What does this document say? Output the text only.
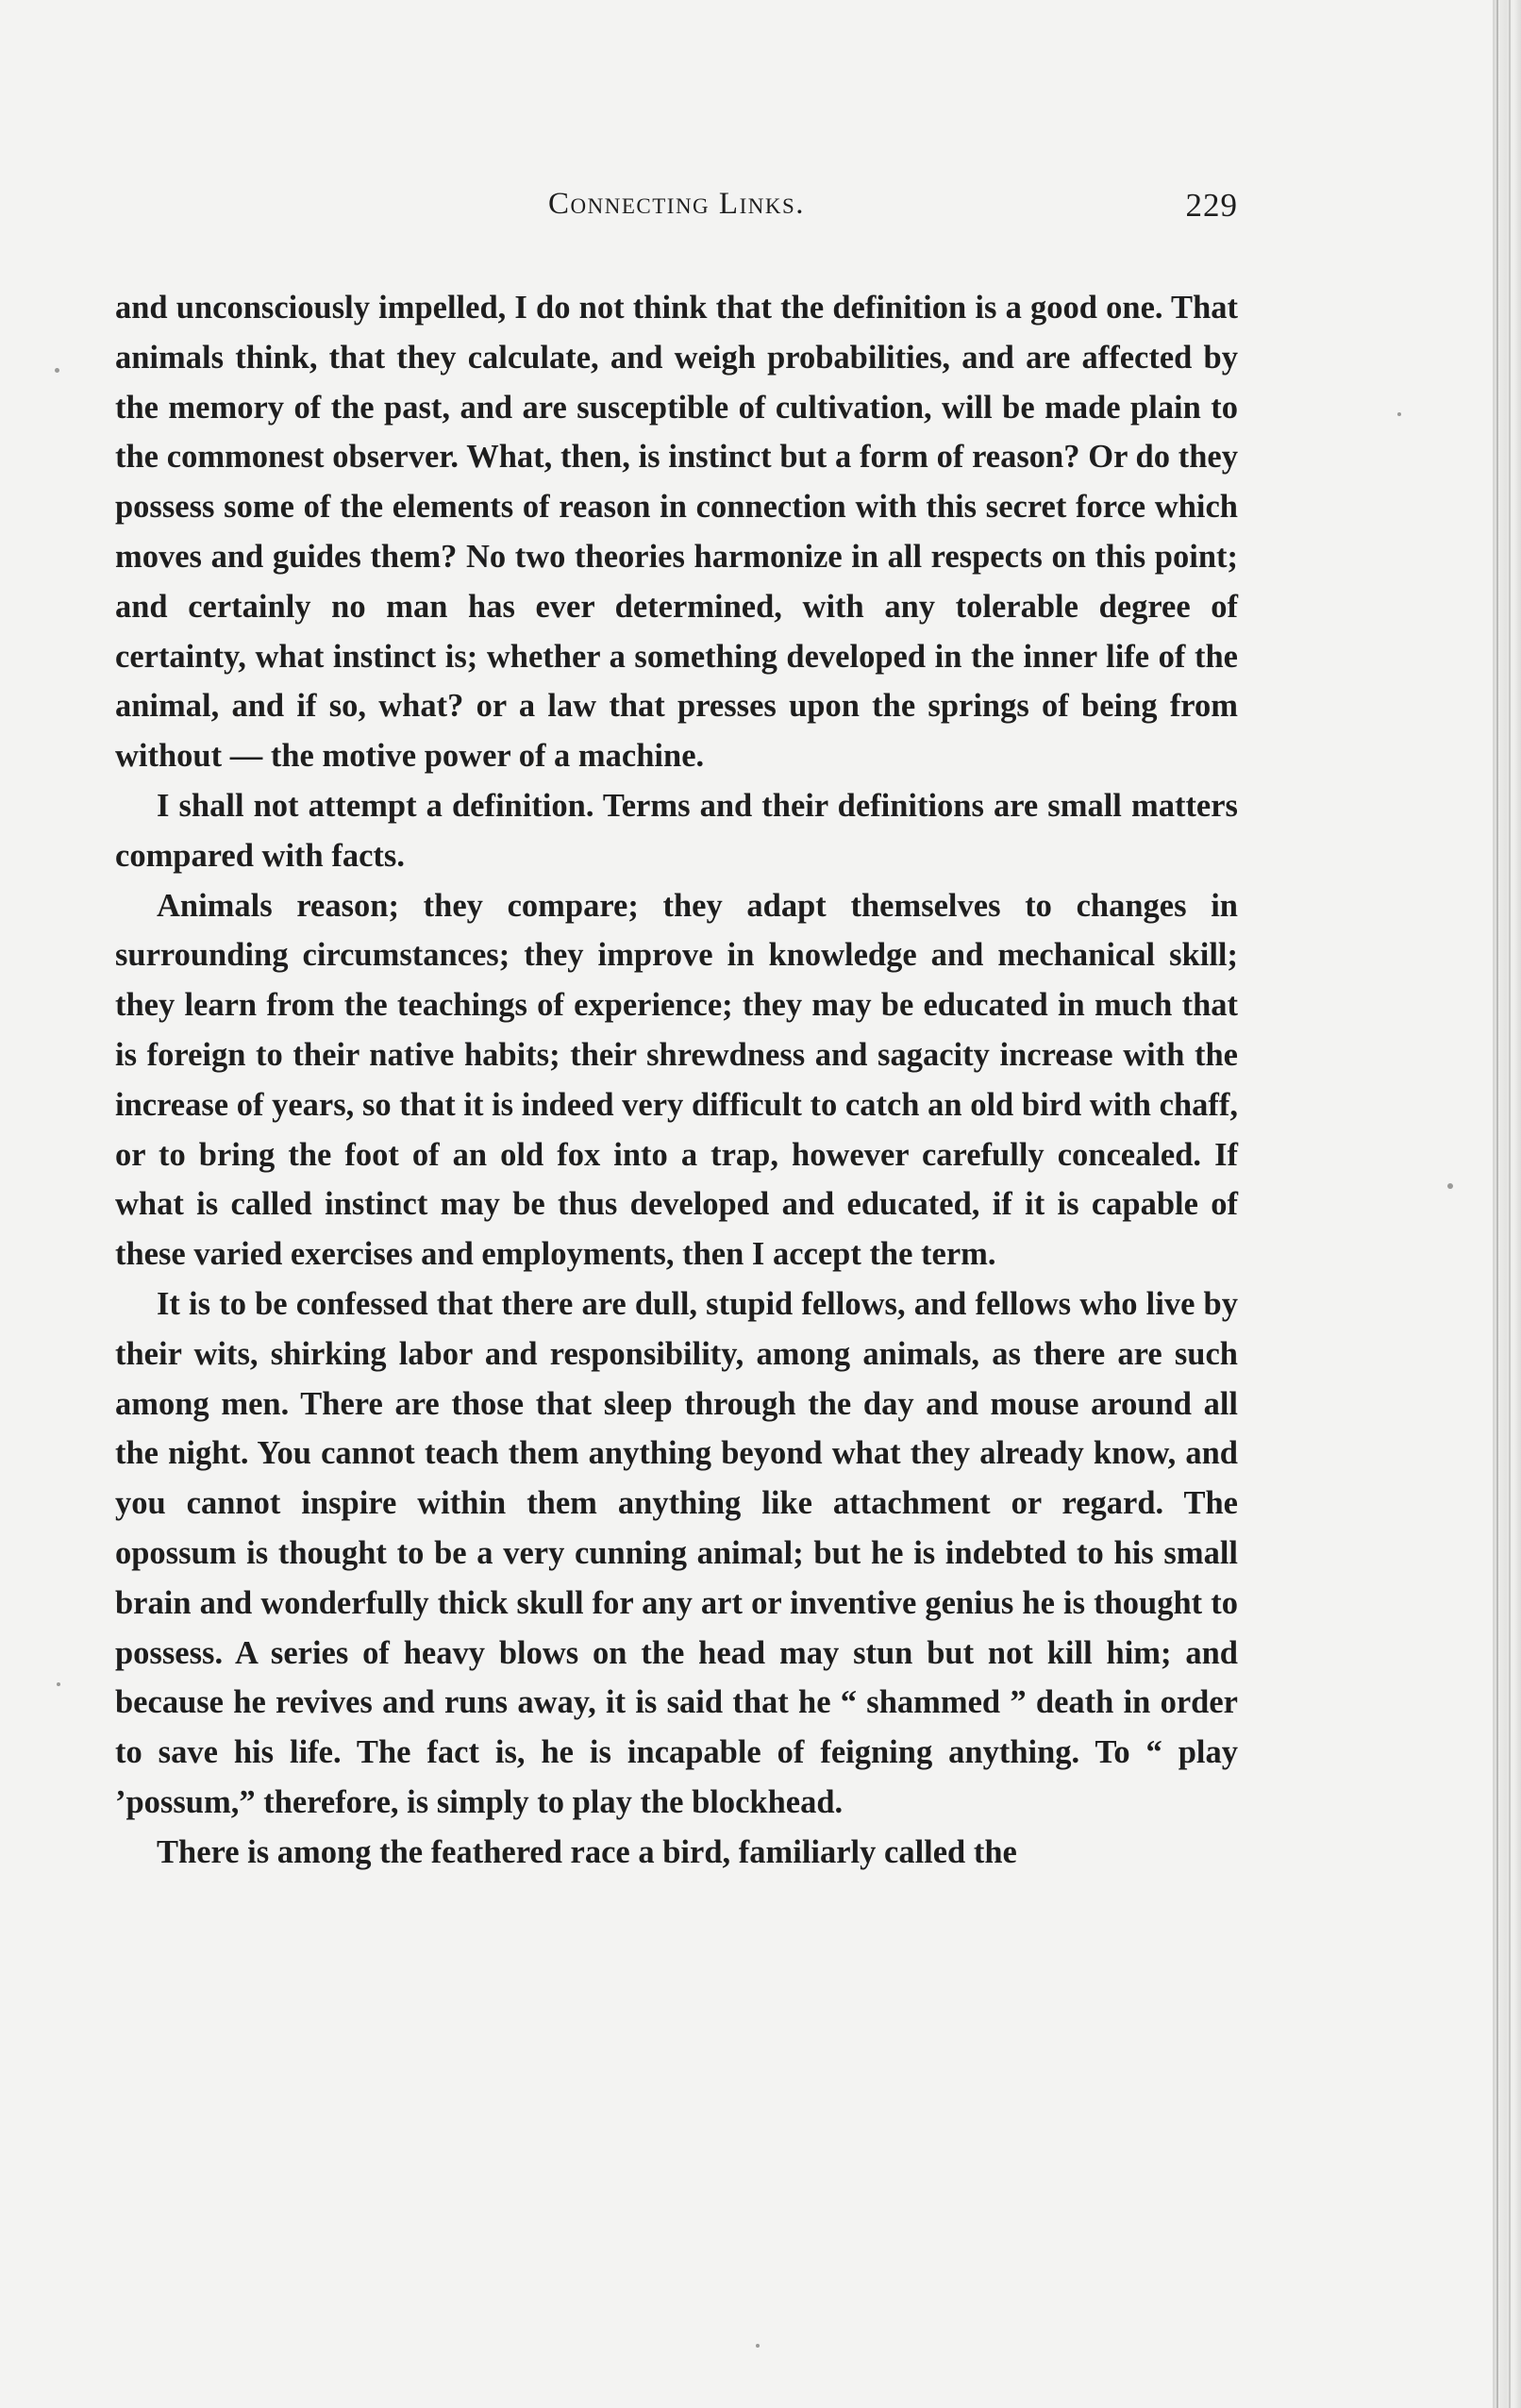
Connecting Links.	229

and unconsciously impelled, I do not think that the definition is a good one. That animals think, that they calculate, and weigh probabilities, and are affected by the memory of the past, and are susceptible of cultivation, will be made plain to the commonest observer. What, then, is instinct but a form of reason? Or do they possess some of the elements of reason in connection with this secret force which moves and guides them? No two theories harmonize in all respects on this point; and certainly no man has ever determined, with any tolerable degree of certainty, what instinct is; whether a something developed in the inner life of the animal, and if so, what? or a law that presses upon the springs of being from without — the motive power of a machine.

I shall not attempt a definition. Terms and their definitions are small matters compared with facts.

Animals reason; they compare; they adapt themselves to changes in surrounding circumstances; they improve in knowledge and mechanical skill; they learn from the teachings of experience; they may be educated in much that is foreign to their native habits; their shrewdness and sagacity increase with the increase of years, so that it is indeed very difficult to catch an old bird with chaff, or to bring the foot of an old fox into a trap, however carefully concealed. If what is called instinct may be thus developed and educated, if it is capable of these varied exercises and employments, then I accept the term.

It is to be confessed that there are dull, stupid fellows, and fellows who live by their wits, shirking labor and responsibility, among animals, as there are such among men. There are those that sleep through the day and mouse around all the night. You cannot teach them anything beyond what they already know, and you cannot inspire within them anything like attachment or regard. The opossum is thought to be a very cunning animal; but he is indebted to his small brain and wonderfully thick skull for any art or inventive genius he is thought to possess. A series of heavy blows on the head may stun but not kill him; and because he revives and runs away, it is said that he “ shammed ” death in order to save his life. The fact is, he is incapable of feigning anything. To “ play ’possum,” therefore, is simply to play the blockhead.

There is among the feathered race a bird, familiarly called the
